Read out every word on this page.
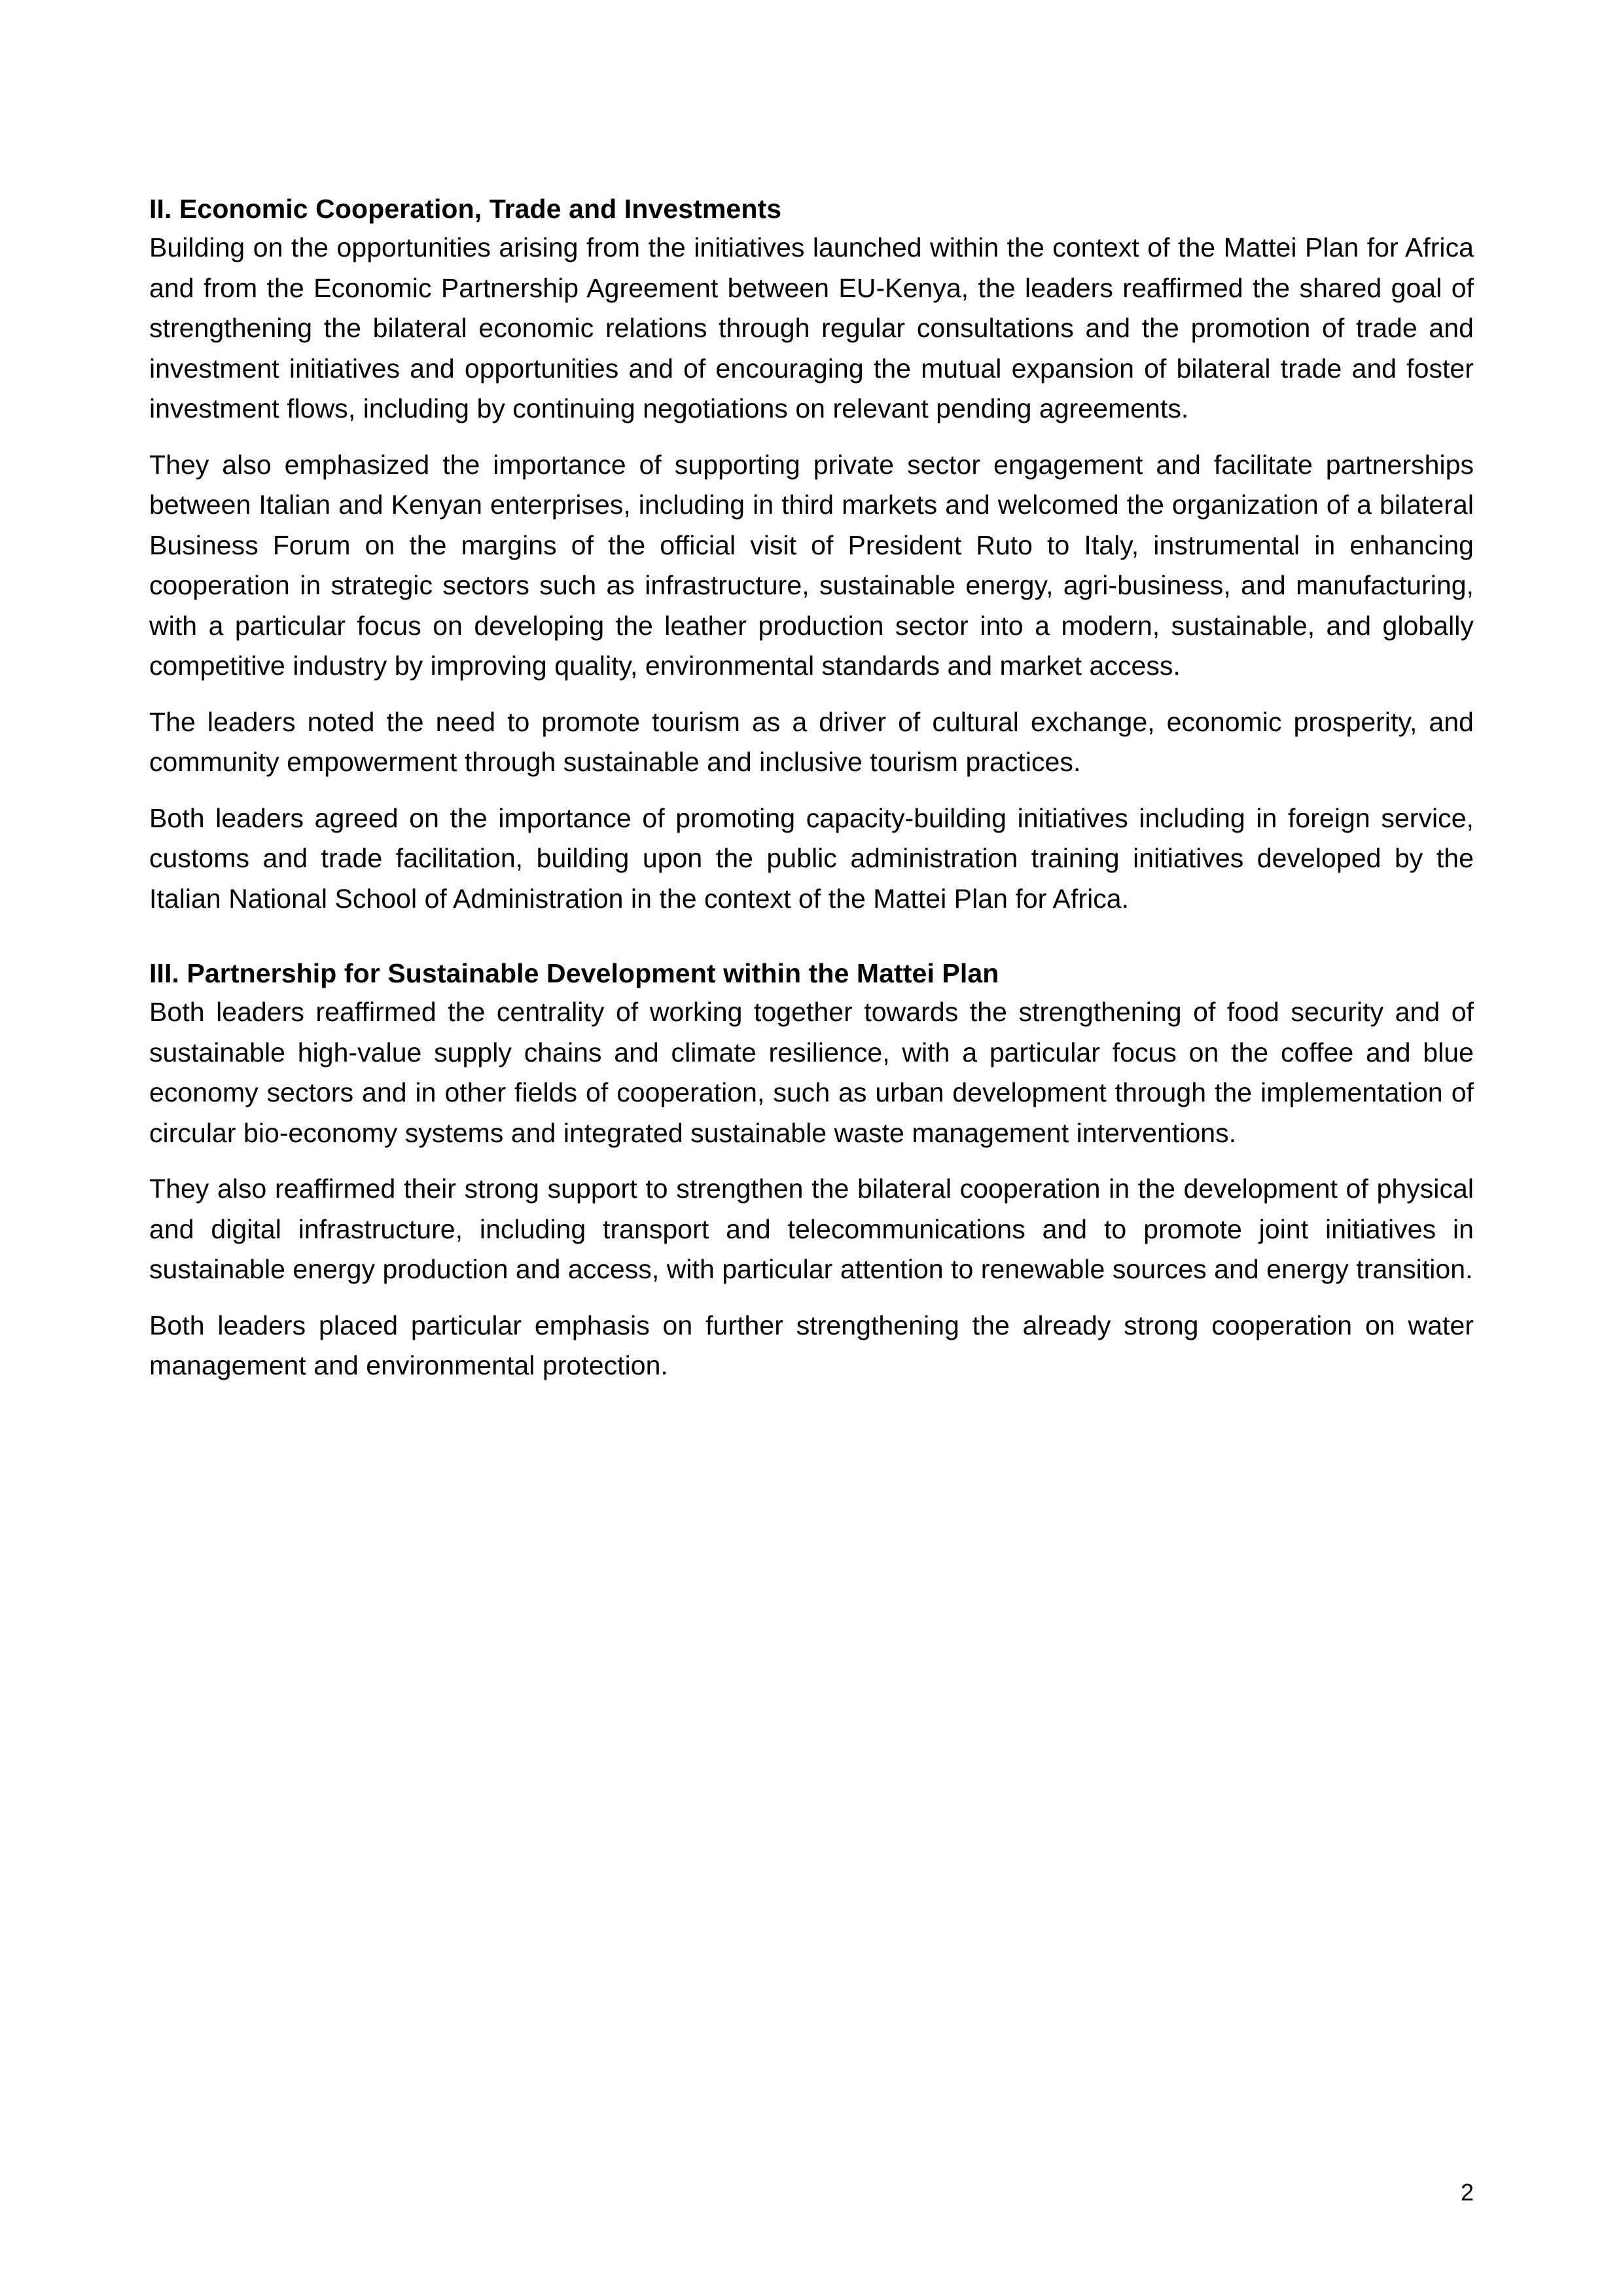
II. Economic Cooperation, Trade and Investments

Building on the opportunities arising from the initiatives launched within the context of the Mattei Plan for Africa and from the Economic Partnership Agreement between EU-Kenya, the leaders reaffirmed the shared goal of strengthening the bilateral economic relations through regular consultations and the promotion of trade and investment initiatives and opportunities and of encouraging the mutual expansion of bilateral trade and foster investment flows, including by continuing negotiations on relevant pending agreements.

They also emphasized the importance of supporting private sector engagement and facilitate partnerships between Italian and Kenyan enterprises, including in third markets and welcomed the organization of a bilateral Business Forum on the margins of the official visit of President Ruto to Italy, instrumental in enhancing cooperation in strategic sectors such as infrastructure, sustainable energy, agri-business, and manufacturing, with a particular focus on developing the leather production sector into a modern, sustainable, and globally competitive industry by improving quality, environmental standards and market access.

The leaders noted the need to promote tourism as a driver of cultural exchange, economic prosperity, and community empowerment through sustainable and inclusive tourism practices.

Both leaders agreed on the importance of promoting capacity-building initiatives including in foreign service, customs and trade facilitation, building upon the public administration training initiatives developed by the Italian National School of Administration in the context of the Mattei Plan for Africa.

III. Partnership for Sustainable Development within the Mattei Plan

Both leaders reaffirmed the centrality of working together towards the strengthening of food security and of sustainable high-value supply chains and climate resilience, with a particular focus on the coffee and blue economy sectors and in other fields of cooperation, such as urban development through the implementation of circular bio-economy systems and integrated sustainable waste management interventions.

They also reaffirmed their strong support to strengthen the bilateral cooperation in the development of physical and digital infrastructure, including transport and telecommunications and to promote joint initiatives in sustainable energy production and access, with particular attention to renewable sources and energy transition.

Both leaders placed particular emphasis on further strengthening the already strong cooperation on water management and environmental protection.

2
